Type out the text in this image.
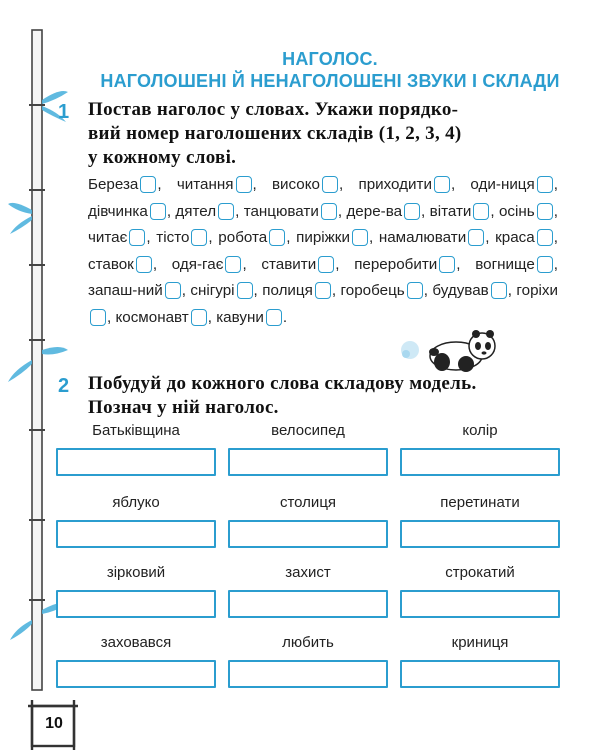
НАГОЛОС.
НАГОЛОШЕНІ Й НЕНАГОЛОШЕНІ ЗВУКИ І СКЛАДИ
1 Постав наголос у словах. Укажи порядко-
вий номер наголошених складів (1, 2, 3, 4)
у кожному слові.
Береза , читання , високо , приходити , оди-ниця , дівчинка , дятел , танцювати , дере-ва , вітати , осінь , читає , тісто , робота , пиріжки , намалювати , краса , ставок , одя-гає , ставити , переробити , вогнище , запаш-ний , снігурі , полиця , горобець , будував , горіхи, космонавт , кавуни .
2 Побудуй до кожного слова складову модель.
Познач у ній наголос.
Батьківщина	велосипед	колір
яблуко	столиця	перетинати
зірковий	захист	строкатий
заховався	любить	криниця
10
